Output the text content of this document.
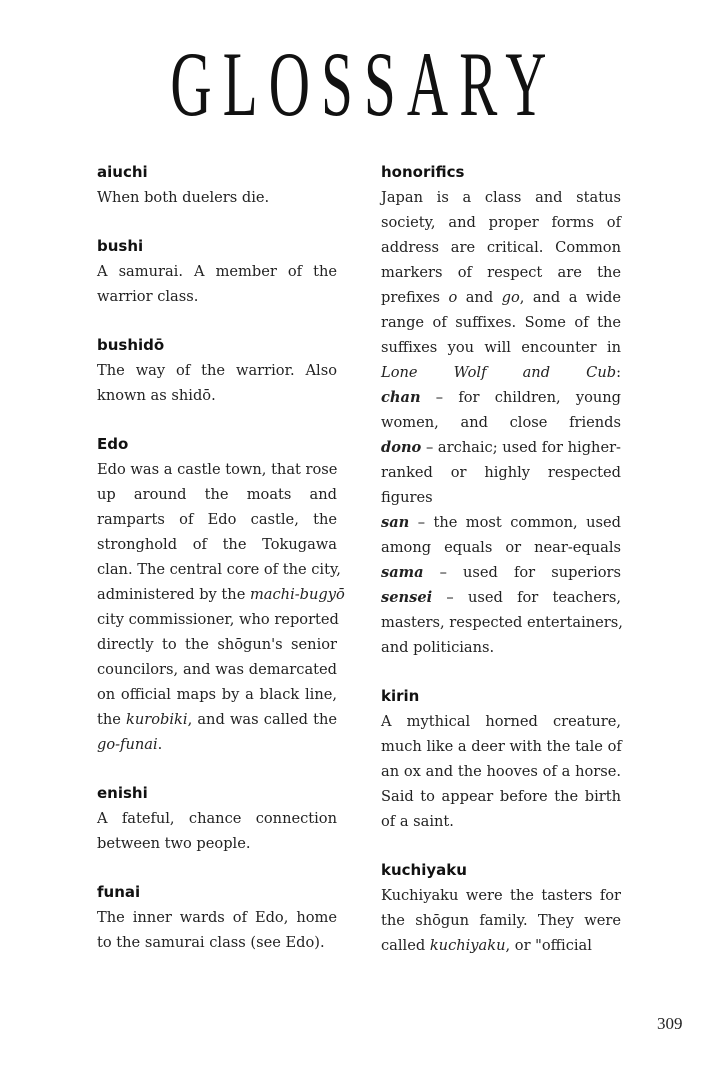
GLOSSARY
aiuchi
When both duelers die.
bushi
A samurai. A member of the
warrior class.
bushidō
The way of the warrior. Also
known as shidō.
Edo
Edo was a castle town, that rose
up around the moats and
ramparts of Edo castle, the
stronghold of the Tokugawa
clan. The central core of the city,
administered by the machi-bugyō
city commissioner, who reported
directly to the shōgun's senior
councilors, and was demarcated
on official maps by a black line,
the kurobiki, and was called the
go-funai.
enishi
A fateful, chance connection
between two people.
funai
The inner wards of Edo, home
to the samurai class (see Edo).
honorifics
Japan is a class and status
society, and proper forms of
address are critical. Common
markers of respect are the
prefixes o and go, and a wide
range of suffixes. Some of the
suffixes you will encounter in
Lone Wolf and Cub:
chan – for children, young
women, and close friends
dono – archaic; used for higher-
ranked or highly respected
figures
san – the most common, used
among equals or near-equals
sama – used for superiors
sensei – used for teachers,
masters, respected entertainers,
and politicians.
kirin
A mythical horned creature,
much like a deer with the tale of
an ox and the hooves of a horse.
Said to appear before the birth
of a saint.
kuchiyaku
Kuchiyaku were the tasters for
the shōgun family. They were
called kuchiyaku, or "official
309
